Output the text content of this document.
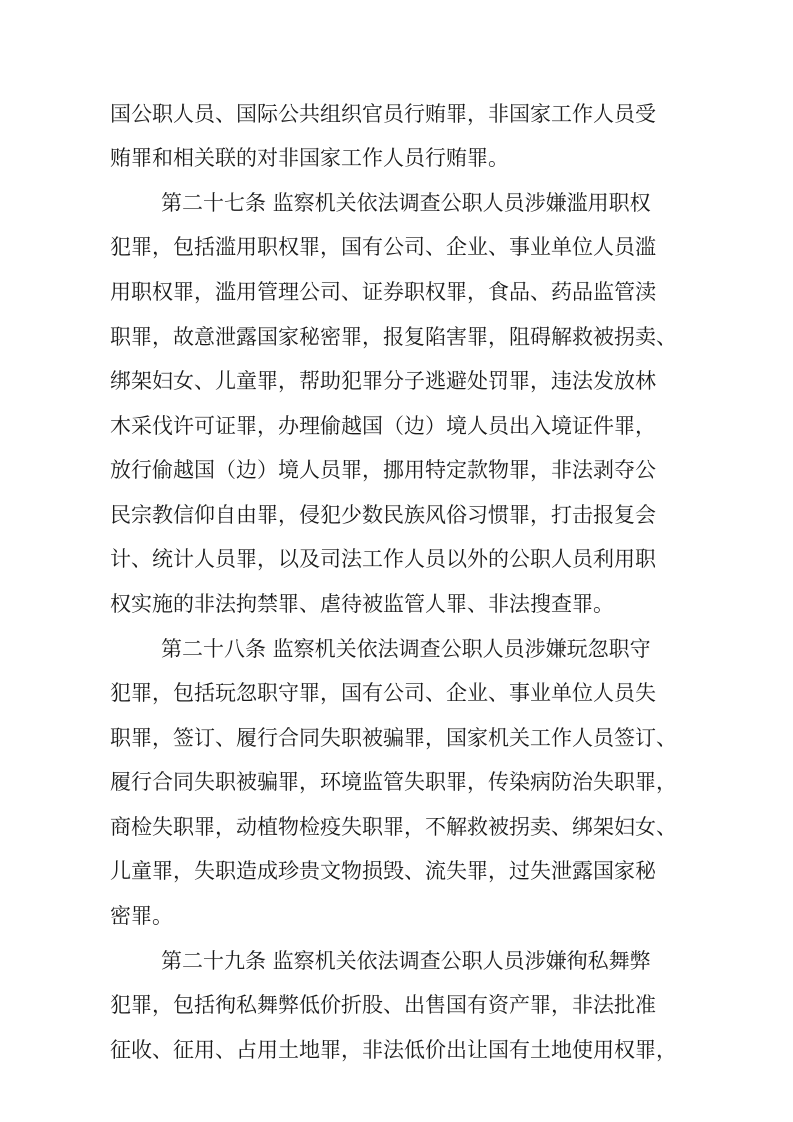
国公职人员、国际公共组织官员行贿罪，非国家工作人员受
贿罪和相关联的对非国家工作人员行贿罪。
第二十七条 监察机关依法调查公职人员涉嫌滥用职权
犯罪，包括滥用职权罪，国有公司、企业、事业单位人员滥
用职权罪，滥用管理公司、证券职权罪，食品、药品监管渎
职罪，故意泄露国家秘密罪，报复陷害罪，阻碍解救被拐卖、
绑架妇女、儿童罪，帮助犯罪分子逃避处罚罪，违法发放林
木采伐许可证罪，办理偷越国（边）境人员出入境证件罪，
放行偷越国（边）境人员罪，挪用特定款物罪，非法剥夺公
民宗教信仰自由罪，侵犯少数民族风俗习惯罪，打击报复会
计、统计人员罪，以及司法工作人员以外的公职人员利用职
权实施的非法拘禁罪、虐待被监管人罪、非法搜查罪。
第二十八条 监察机关依法调查公职人员涉嫌玩忽职守
犯罪，包括玩忽职守罪，国有公司、企业、事业单位人员失
职罪，签订、履行合同失职被骗罪，国家机关工作人员签订、
履行合同失职被骗罪，环境监管失职罪，传染病防治失职罪，
商检失职罪，动植物检疫失职罪，不解救被拐卖、绑架妇女、
儿童罪，失职造成珍贵文物损毁、流失罪，过失泄露国家秘
密罪。
第二十九条 监察机关依法调查公职人员涉嫌徇私舞弊
犯罪，包括徇私舞弊低价折股、出售国有资产罪，非法批准
征收、征用、占用土地罪，非法低价出让国有土地使用权罪，
